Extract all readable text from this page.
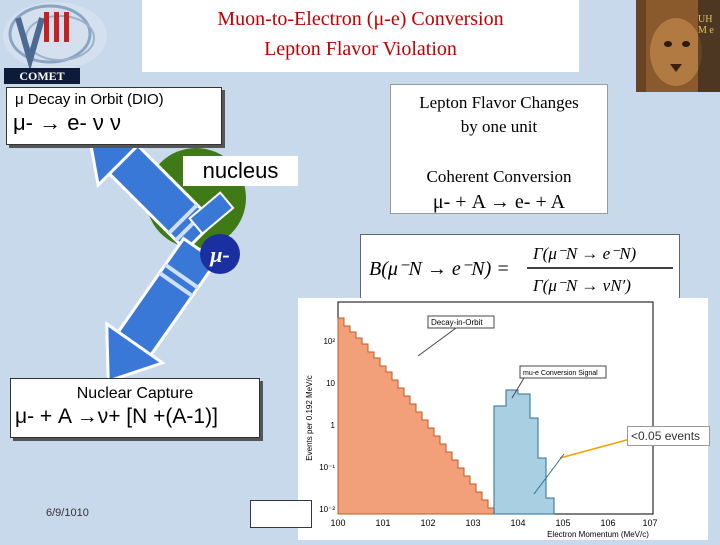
COMET
Muon-to-Electron (μ-e) Conversion
Lepton Flavor Violation
UH M e
μ-
nucleus
μ Decay in Orbit (DIO)
μ- → e- ν ν
Lepton Flavor Changes
by one unit
Coherent Conversion
μ- + A → e- + A
B(μ⁻N → e⁻N) =
Γ(μ⁻N → e⁻N)
Γ(μ⁻N → νN′)
Events per 0.192 MeV/c
100	101	102	103	104	105	106	107
10⁻²
10⁻¹
1
10
10²
Electron Momentum (MeV/c)
Decay-in-Orbit
mu-e Conversion Signal
<0.05 events
Nuclear Capture
μ- + A →ν+ [N +(A-1)]
6/9/1010
